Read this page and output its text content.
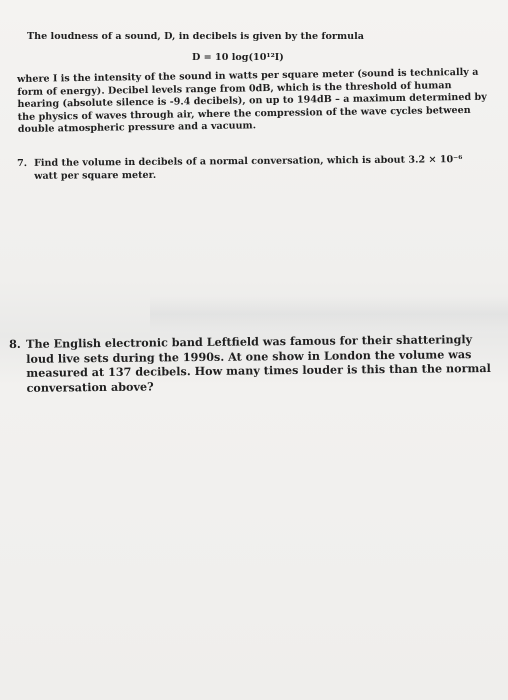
The loudness of a sound, D, in decibels is given by the formula
D = 10 log(10¹²I)
where I is the intensity of the sound in watts per square meter (sound is technically a form of energy). Decibel levels range from 0dB, which is the threshold of human hearing (absolute silence is -9.4 decibels), on up to 194dB – a maximum determined by the physics of waves through air, where the compression of the wave cycles between double atmospheric pressure and a vacuum.
7. Find the volume in decibels of a normal conversation, which is about 3.2 × 10⁻⁶ watt per square meter.
8. The English electronic band Leftfield was famous for their shatteringly loud live sets during the 1990s. At one show in London the volume was measured at 137 decibels. How many times louder is this than the normal conversation above?
